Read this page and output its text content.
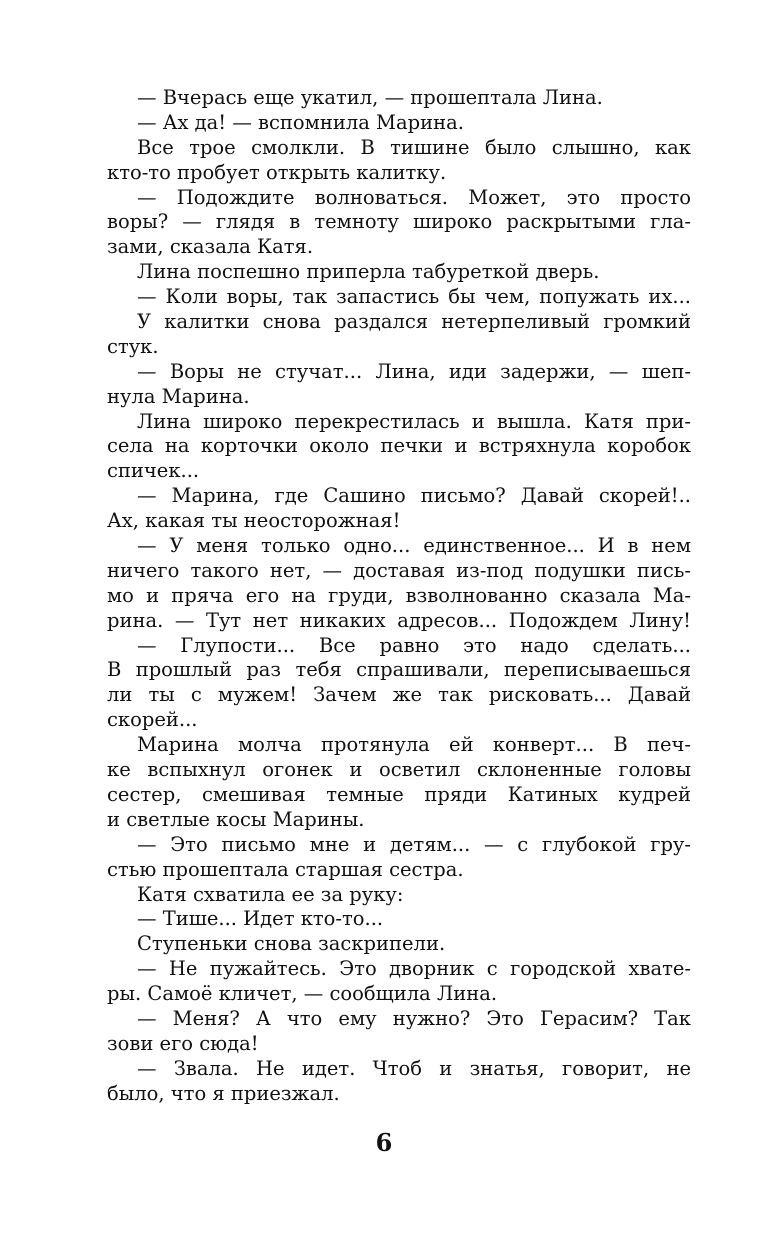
— Вчерась еще укатил, — прошептала Лина.
— Ах да! — вспомнила Марина.
Все трое смолкли. В тишине было слышно, как
кто-то пробует открыть калитку.
— Подождите волноваться. Может, это просто
воры? — глядя в темноту широко раскрытыми гла-
зами, сказала Катя.
Лина поспешно приперла табуреткой дверь.
— Коли воры, так запастись бы чем, попужать их...
У калитки снова раздался нетерпеливый громкий
стук.
— Воры не стучат... Лина, иди задержи, — шеп-
нула Марина.
Лина широко перекрестилась и вышла. Катя при-
села на корточки около печки и встряхнула коробок
спичек...
— Марина, где Сашино письмо? Давай скорей!..
Ах, какая ты неосторожная!
— У меня только одно... единственное... И в нем
ничего такого нет, — доставая из-под подушки пись-
мо и пряча его на груди, взволнованно сказала Ма-
рина. — Тут нет никаких адресов... Подождем Лину!
— Глупости... Все равно это надо сделать...
В прошлый раз тебя спрашивали, переписываешься
ли ты с мужем! Зачем же так рисковать... Давай
скорей...
Марина молча протянула ей конверт... В печ-
ке вспыхнул огонек и осветил склоненные головы
сестер, смешивая темные пряди Катиных кудрей
и светлые косы Марины.
— Это письмо мне и детям... — с глубокой гру-
стью прошептала старшая сестра.
Катя схватила ее за руку:
— Тише... Идет кто-то...
Ступеньки снова заскрипели.
— Не пужайтесь. Это дворник с городской хвате-
ры. Самоё кличет, — сообщила Лина.
— Меня? А что ему нужно? Это Герасим? Так
зови его сюда!
— Звала. Не идет. Чтоб и знатья, говорит, не
было, что я приезжал.
6
